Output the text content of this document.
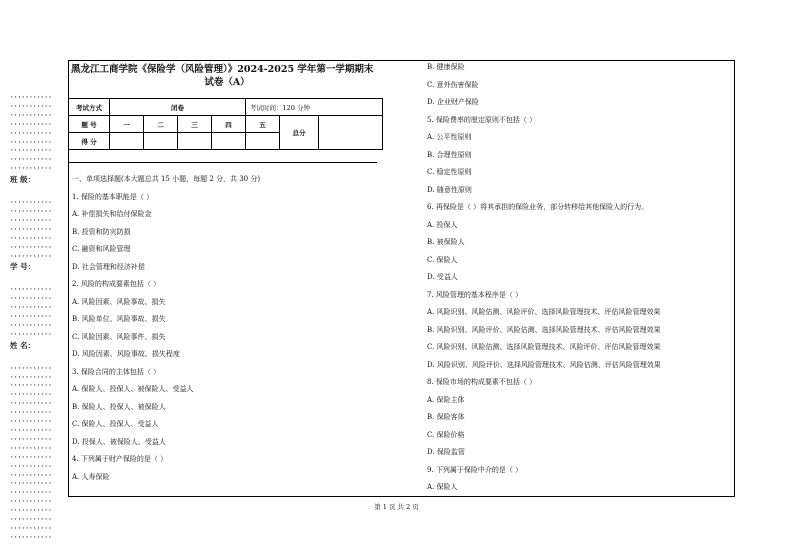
···········
···········
···········
···········
···········
···········
···········
···········
···········
班 级：
···········
···········
···········
···········
···········
···········
···········
学 号：
···········
···········
···········
···········
···········
···········
姓 名：
···········
···········
···········
···········
···········
···········
···········
···········
···········
···········
···········
···········
···········
···········
···········
···········
···········
···········
···········
···········
黑龙江工商学院《保险学（风险管理）》2024-2025 学年第一学期期末
试卷（A）
考试方式	闭卷				考试时间：120 分钟		
题 号	一	二	三	四	五	总分	
得 分							
一、单项选择题(本大题总共 15 小题，每题 2 分，共 30 分)
1. 保险的基本职能是（ ）
A. 补偿损失和给付保险金
B. 投资和防灾防损
C. 融资和风险管理
D. 社会管理和经济补偿
2. 风险的构成要素包括（ ）
A. 风险因素、风险事故、损失
B. 风险单位、风险事故、损失
C. 风险因素、风险事件、损失
D. 风险因素、风险事故、损失程度
3. 保险合同的主体包括（ ）
A. 保险人、投保人、被保险人、受益人
B. 保险人、投保人、被保险人
C. 保险人、投保人、受益人
D. 投保人、被保险人、受益人
4. 下列属于财产保险的是（ ）
A. 人寿保险
B. 健康保险
C. 意外伤害保险
D. 企业财产保险
5. 保险费率的厘定原则不包括（ ）
A. 公平性原则
B. 合理性原则
C. 稳定性原则
D. 随意性原则
6. 再保险是（ ）将其承担的保险业务，部分转移给其他保险人的行为。
A. 投保人
B. 被保险人
C. 保险人
D. 受益人
7. 风险管理的基本程序是（ ）
A. 风险识别、风险估测、风险评价、选择风险管理技术、评估风险管理效果
B. 风险识别、风险评价、风险估测、选择风险管理技术、评估风险管理效果
C. 风险识别、风险估测、选择风险管理技术、风险评价、评估风险管理效果
D. 风险识别、风险评价、选择风险管理技术、风险估测、评估风险管理效果
8. 保险市场的构成要素不包括（ ）
A. 保险主体
B. 保险客体
C. 保险价格
D. 保险监管
9. 下列属于保险中介的是（ ）
A. 保险人
第 1 页 共 2 页
